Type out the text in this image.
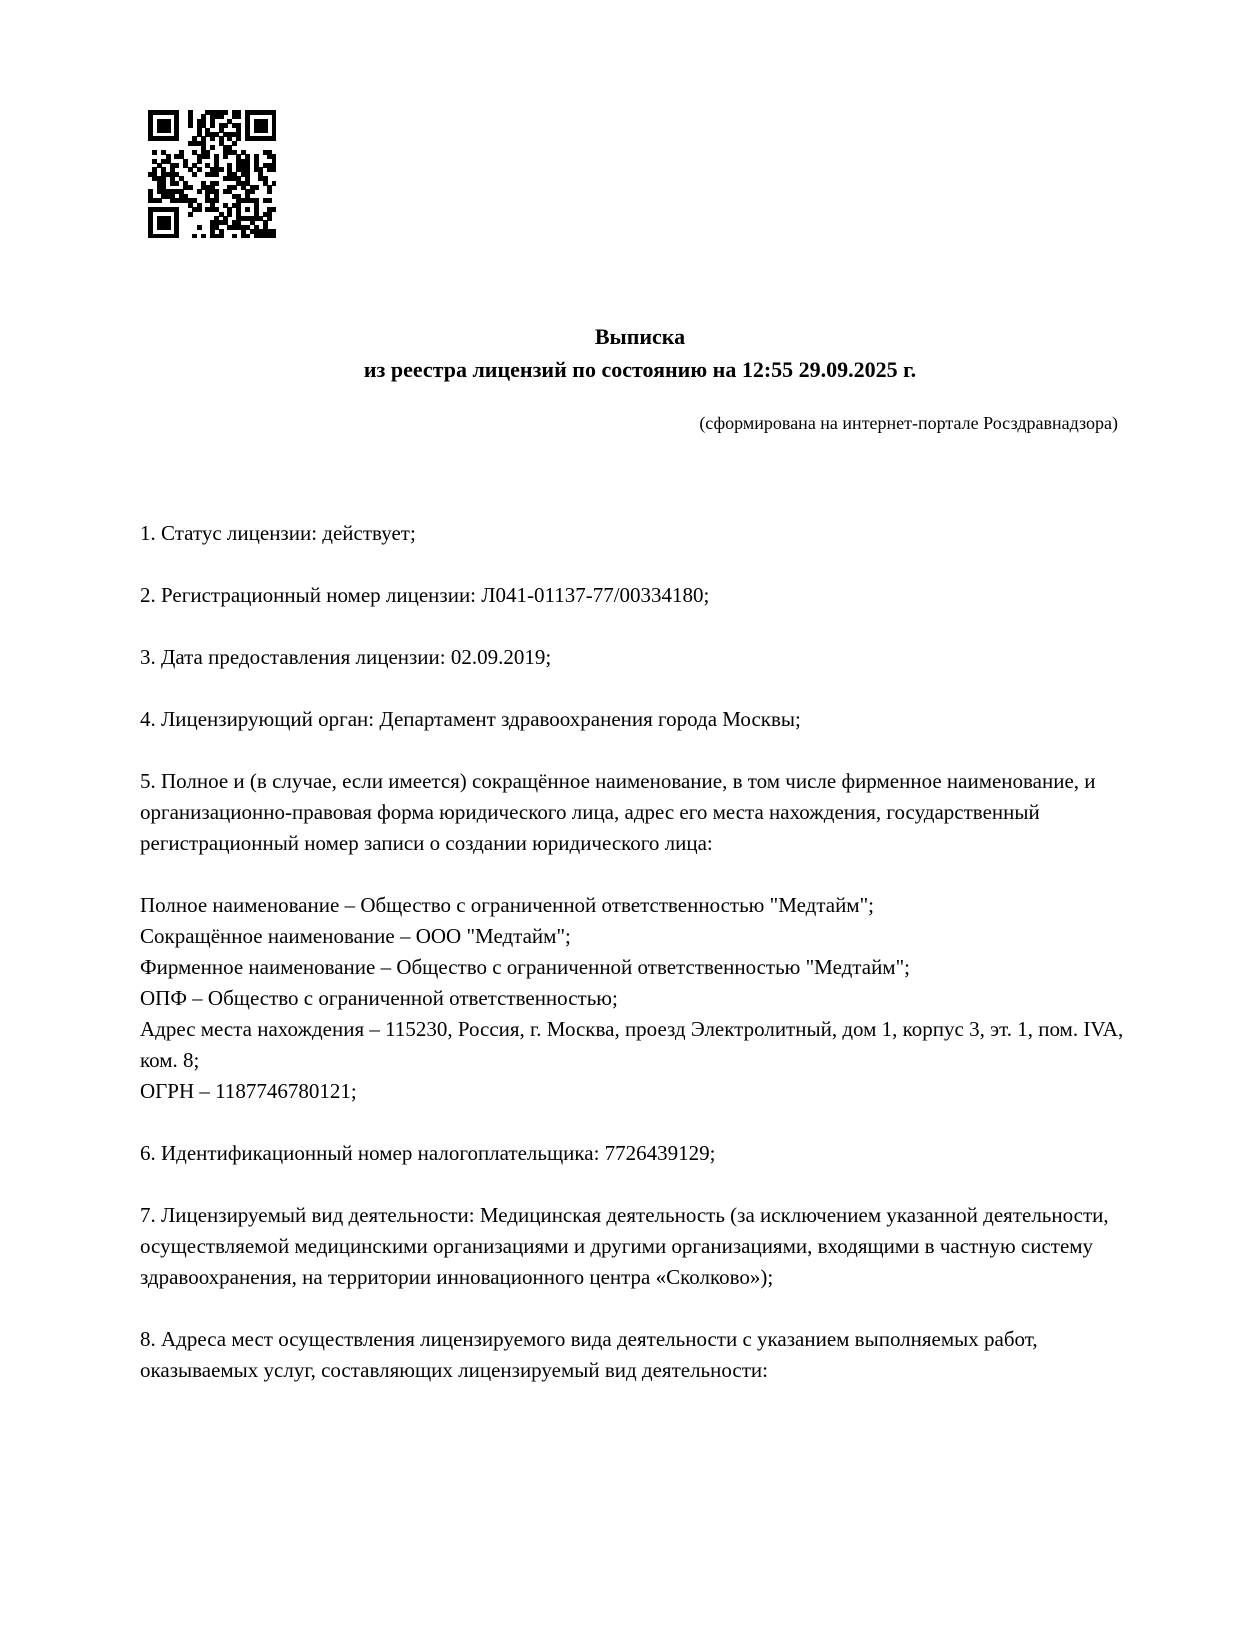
Выписка
из реестра лицензий по состоянию на 12:55 29.09.2025 г.
(сформирована на интернет-портале Росздравнадзора)

1. Статус лицензии: действует;

2. Регистрационный номер лицензии: Л041-01137-77/00334180;

3. Дата предоставления лицензии: 02.09.2019;

4. Лицензирующий орган: Департамент здравоохранения города Москвы;

5. Полное и (в случае, если имеется) сокращённое наименование, в том числе фирменное наименование, и организационно-правовая форма юридического лица, адрес его места нахождения, государственный регистрационный номер записи о создании юридического лица:

Полное наименование – Общество с ограниченной ответственностью "Медтайм";

Сокращённое наименование – ООО "Медтайм";

Фирменное наименование – Общество с ограниченной ответственностью "Медтайм";

ОПФ – Общество с ограниченной ответственностью;

Адрес места нахождения – 115230, Россия, г. Москва, проезд Электролитный, дом 1, корпус 3, эт. 1, пом. IVA, ком. 8;

ОГРН – 1187746780121;

6. Идентификационный номер налогоплательщика: 7726439129;

7. Лицензируемый вид деятельности: Медицинская деятельность (за исключением указанной деятельности, осуществляемой медицинскими организациями и другими организациями, входящими в частную систему здравоохранения, на территории инновационного центра «Сколково»);

8. Адреса мест осуществления лицензируемого вида деятельности с указанием выполняемых работ, оказываемых услуг, составляющих лицензируемый вид деятельности:
